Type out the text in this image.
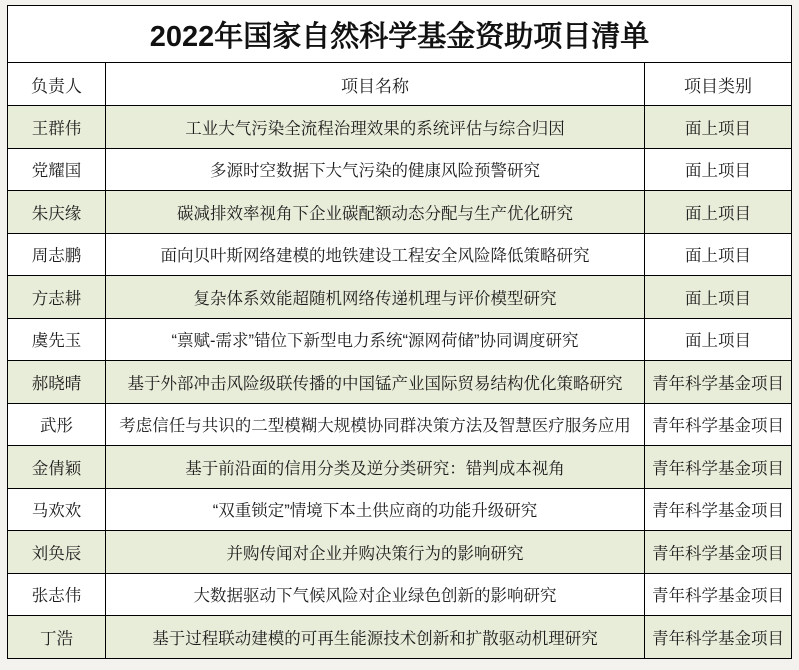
2022年国家自然科学基金资助项目清单		
负责人	项目名称	项目类别
王群伟	工业大气污染全流程治理效果的系统评估与综合归因	面上项目
党耀国	多源时空数据下大气污染的健康风险预警研究	面上项目
朱庆缘	碳减排效率视角下企业碳配额动态分配与生产优化研究	面上项目
周志鹏	面向贝叶斯网络建模的地铁建设工程安全风险降低策略研究	面上项目
方志耕	复杂体系效能超随机网络传递机理与评价模型研究	面上项目
虞先玉	“禀赋-需求”错位下新型电力系统“源网荷储”协同调度研究	面上项目
郝晓晴	基于外部冲击风险级联传播的中国锰产业国际贸易结构优化策略研究	青年科学基金项目
武彤	考虑信任与共识的二型模糊大规模协同群决策方法及智慧医疗服务应用	青年科学基金项目
金倩颖	基于前沿面的信用分类及逆分类研究：错判成本视角	青年科学基金项目
马欢欢	“双重锁定”情境下本土供应商的功能升级研究	青年科学基金项目
刘奂辰	并购传闻对企业并购决策行为的影响研究	青年科学基金项目
张志伟	大数据驱动下气候风险对企业绿色创新的影响研究	青年科学基金项目
丁浩	基于过程联动建模的可再生能源技术创新和扩散驱动机理研究	青年科学基金项目
